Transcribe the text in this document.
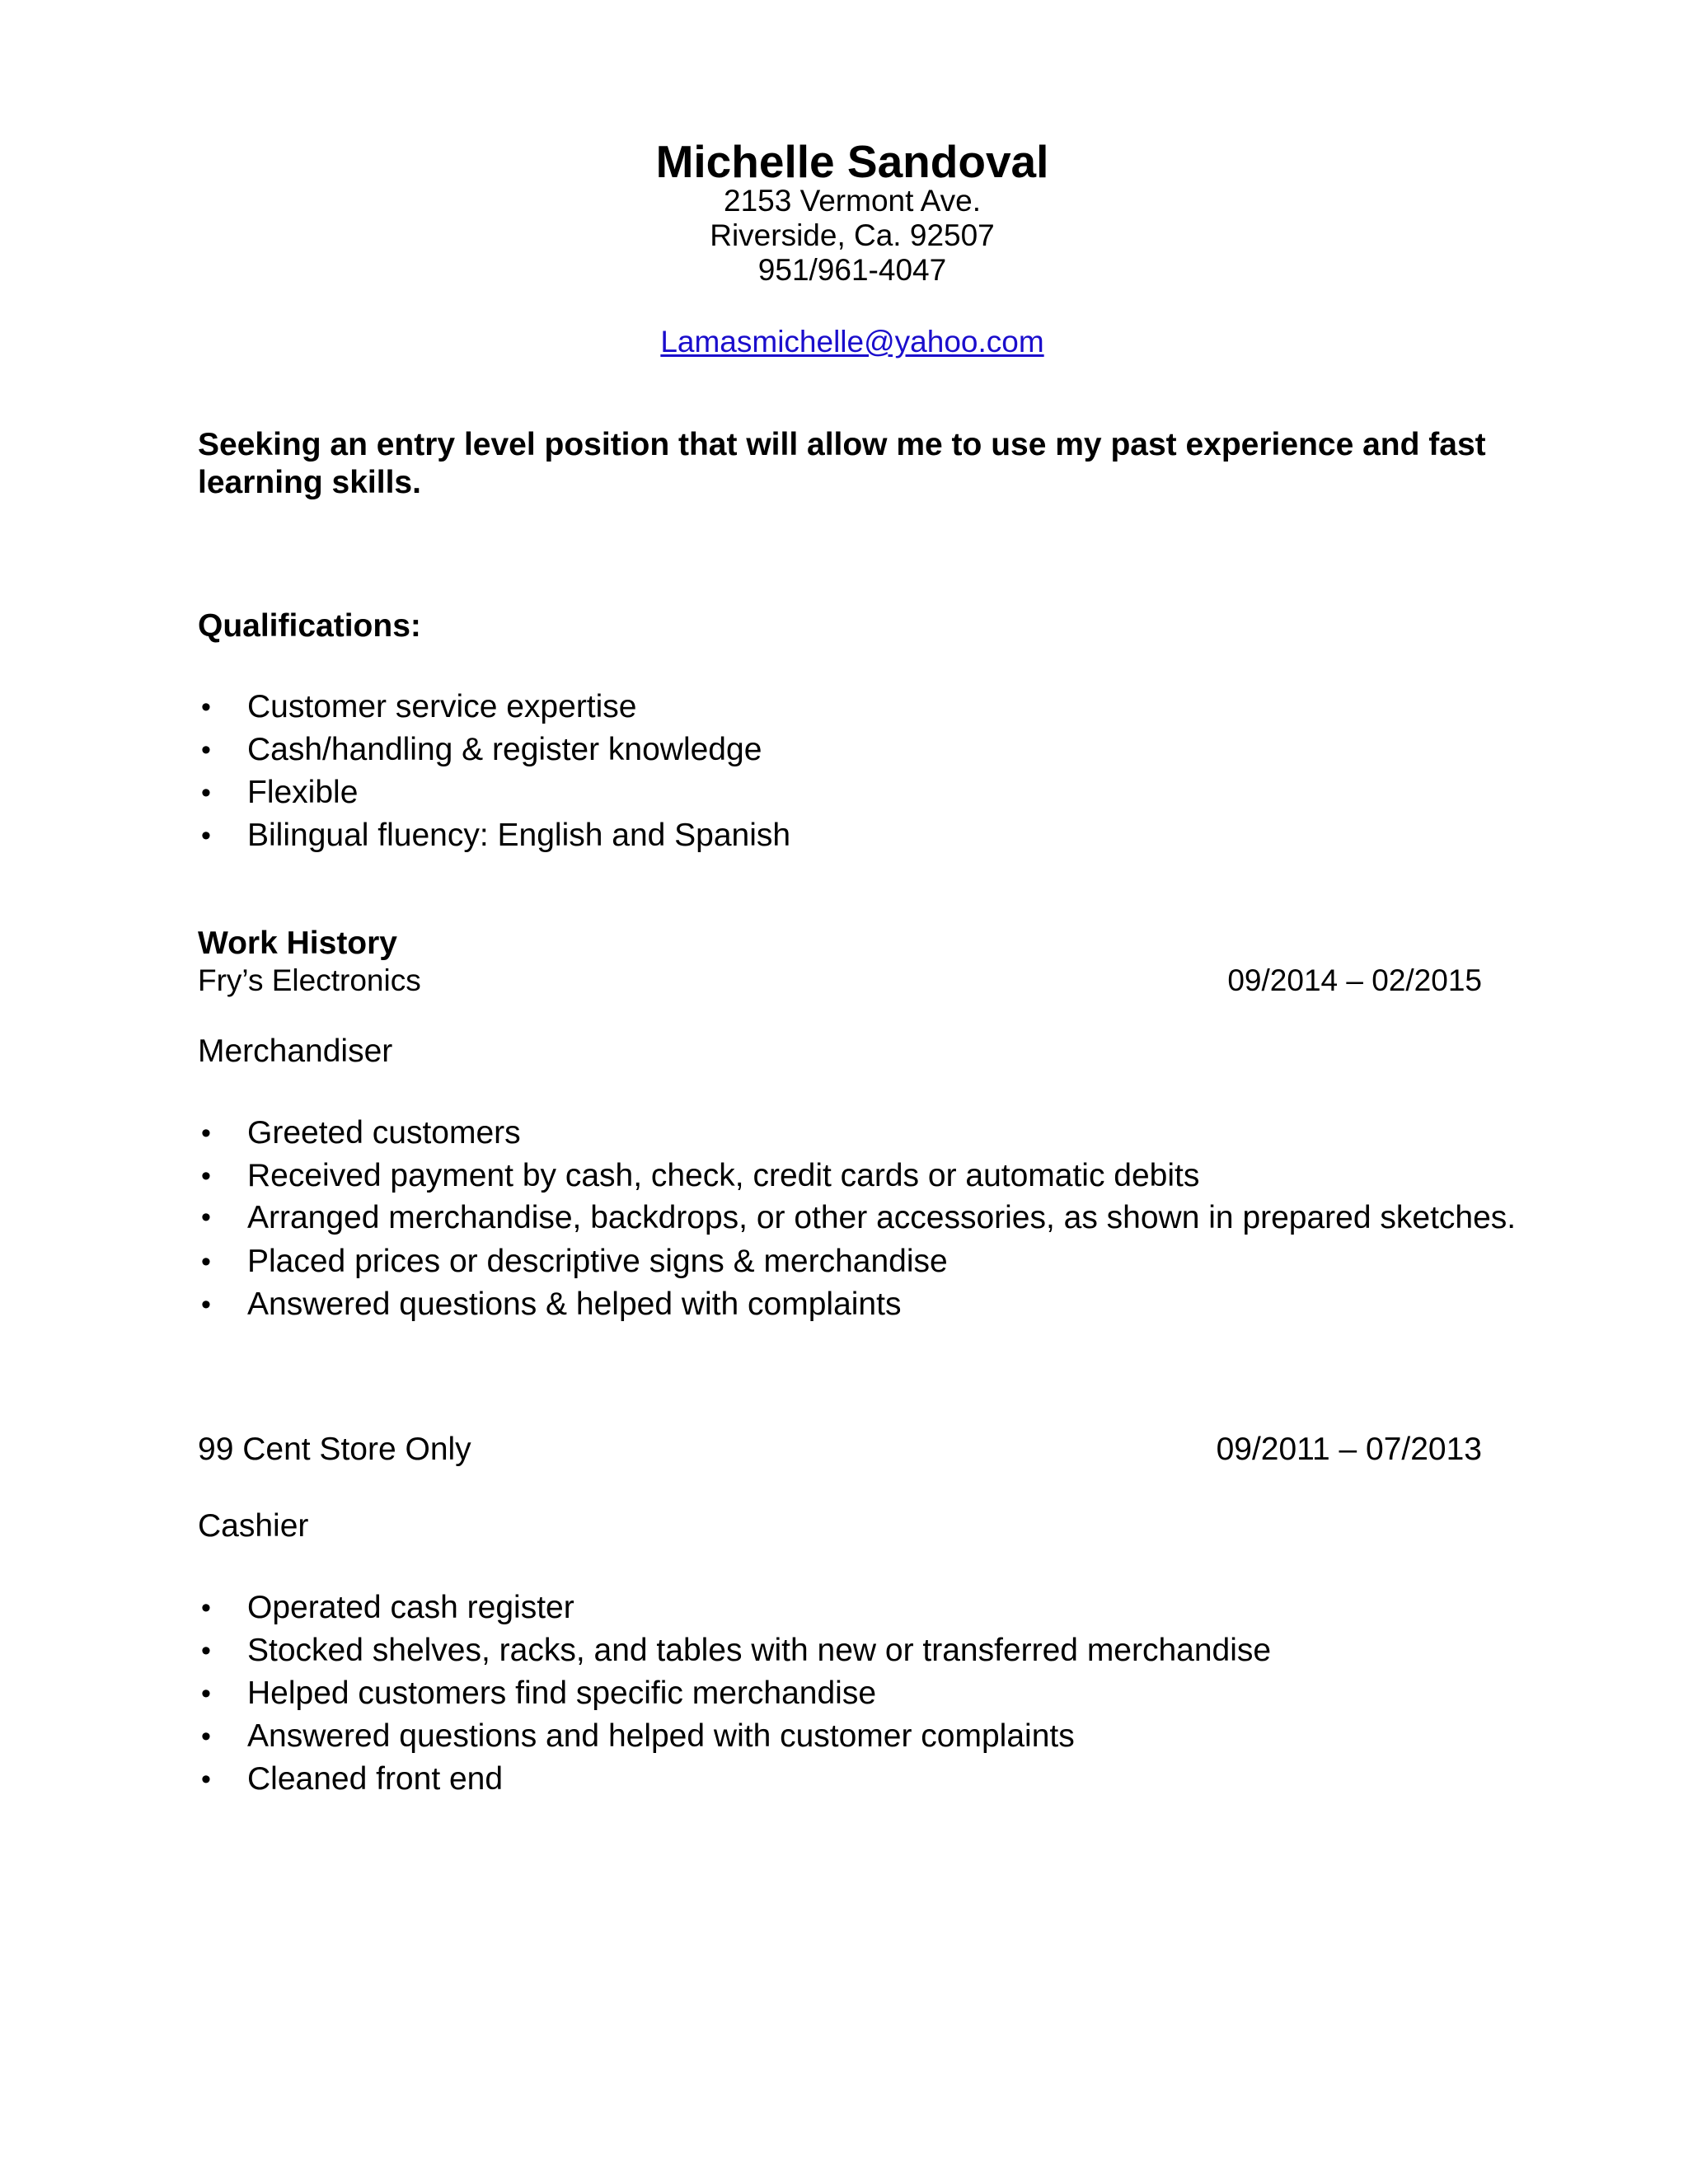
Michelle Sandoval
2153 Vermont Ave.
Riverside, Ca. 92507
951/961-4047
Lamasmichelle@yahoo.com

Seeking an entry level position that will allow me to use my past experience and fast learning skills.

Qualifications:
• Customer service expertise
• Cash/handling & register knowledge
• Flexible
• Bilingual fluency: English and Spanish
Work History
Fry’s Electronics	09/2014 – 02/2015
Merchandiser
• Greeted customers
• Received payment by cash, check, credit cards or automatic debits
• Arranged merchandise, backdrops, or other accessories, as shown in prepared sketches.
• Placed prices or descriptive signs & merchandise
• Answered questions & helped with complaints
99 Cent Store Only	09/2011 – 07/2013
Cashier
• Operated cash register
• Stocked shelves, racks, and tables with new or transferred merchandise
• Helped customers find specific merchandise
• Answered questions and helped with customer complaints
• Cleaned front end
